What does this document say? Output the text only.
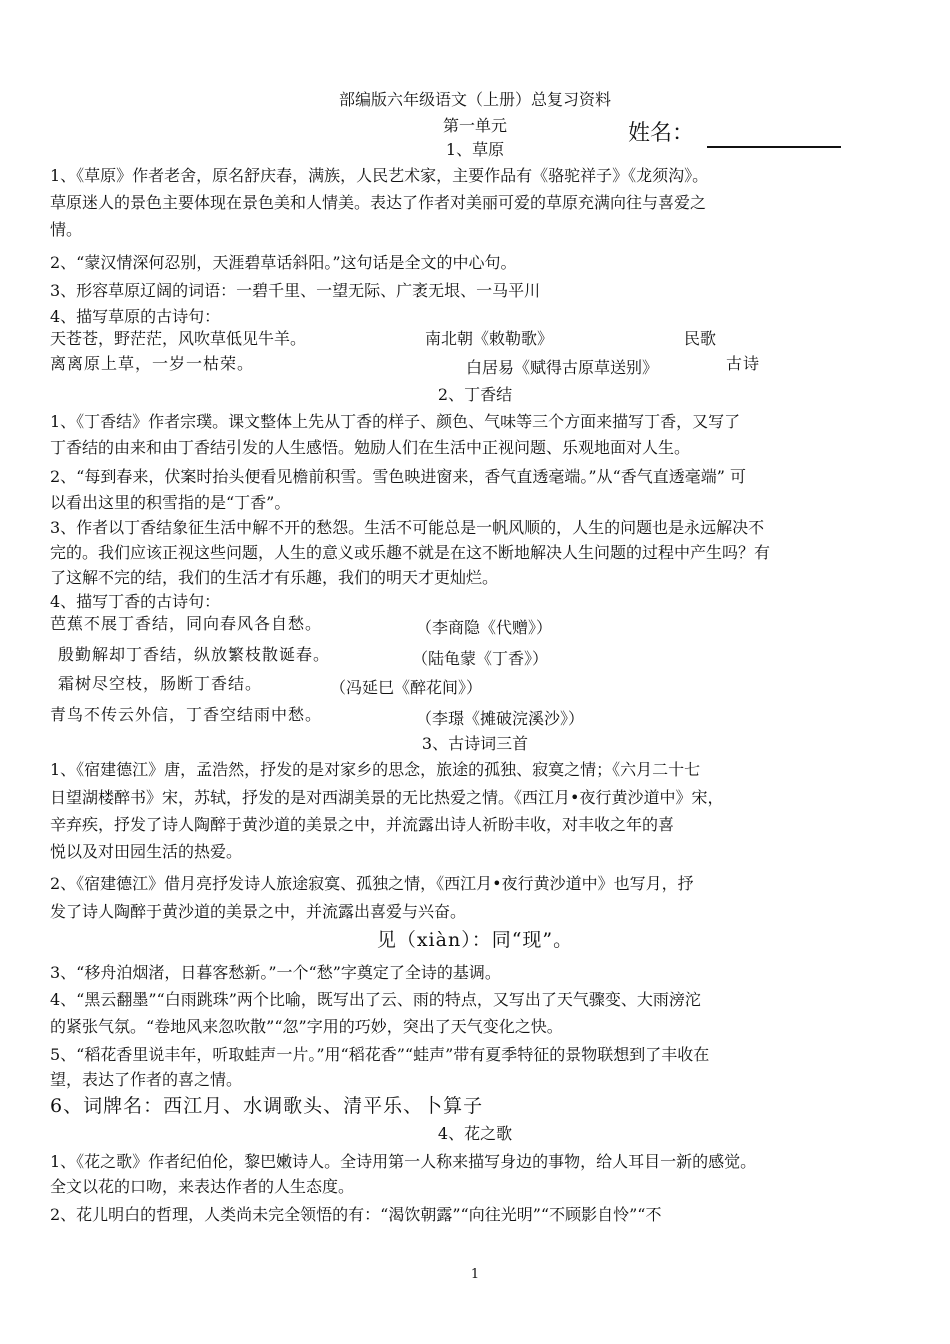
部编版六年级语文（上册）总复习资料
第一单元	姓名：
1、草原
1、《草原》作者老舍，原名舒庆春，满族，人民艺术家，主要作品有《骆驼祥子》《龙须沟》。
草原迷人的景色主要体现在景色美和人情美。表达了作者对美丽可爱的草原充满向往与喜爱之
情。
2、“蒙汉情深何忍别，天涯碧草话斜阳。”这句话是全文的中心句。
3、形容草原辽阔的词语：一碧千里、一望无际、广袤无垠、一马平川
4、描写草原的古诗句：
天苍苍，野茫茫，风吹草低见牛羊。	南北朝《敕勒歌》	民歌
离离原上草，一岁一枯荣。	白居易《赋得古原草送别》	古诗
2、丁香结
1、《丁香结》作者宗璞。课文整体上先从丁香的样子、颜色、气味等三个方面来描写丁香，又写了
丁香结的由来和由丁香结引发的人生感悟。勉励人们在生活中正视问题、乐观地面对人生。
2、“每到春来，伏案时抬头便看见檐前积雪。雪色映进窗来，香气直透毫端。”从“香气直透毫端” 可
以看出这里的积雪指的是“丁香”。
3、作者以丁香结象征生活中解不开的愁怨。生活不可能总是一帆风顺的，人生的问题也是永远解决不
完的。我们应该正视这些问题，人生的意义或乐趣不就是在这不断地解决人生问题的过程中产生吗？有
了这解不完的结，我们的生活才有乐趣，我们的明天才更灿烂。
4、描写丁香的古诗句：
芭蕉不展丁香结，同向春风各自愁。	（李商隐《代赠》）
殷勤解却丁香结，纵放繁枝散诞春。	（陆龟蒙《丁香》）
霜树尽空枝，肠断丁香结。	（冯延巳《醉花间》）
青鸟不传云外信，丁香空结雨中愁。	（李璟《摊破浣溪沙》）
3、古诗词三首
1、《宿建德江》唐，孟浩然，抒发的是对家乡的思念，旅途的孤独、寂寞之情；《六月二十七
日望湖楼醉书》宋，苏轼，抒发的是对西湖美景的无比热爱之情。《西江月•夜行黄沙道中》宋，
辛弃疾，抒发了诗人陶醉于黄沙道的美景之中，并流露出诗人祈盼丰收，对丰收之年的喜
悦以及对田园生活的热爱。
2、《宿建德江》借月亮抒发诗人旅途寂寞、孤独之情，《西江月•夜行黄沙道中》也写月，抒
发了诗人陶醉于黄沙道的美景之中，并流露出喜爱与兴奋。
见（xiàn）：同“现”。
3、“移舟泊烟渚，日暮客愁新。”一个“愁”字奠定了全诗的基调。
4、“黑云翻墨”“白雨跳珠”两个比喻，既写出了云、雨的特点，又写出了天气骤变、大雨滂沱
的紧张气氛。“卷地风来忽吹散”“忽”字用的巧妙，突出了天气变化之快。
5、“稻花香里说丰年，听取蛙声一片。”用“稻花香”“蛙声”带有夏季特征的景物联想到了丰收在
望，表达了作者的喜之情。
6、词牌名：西江月、水调歌头、清平乐、卜算子
4、花之歌
1、《花之歌》作者纪伯伦，黎巴嫩诗人。全诗用第一人称来描写身边的事物，给人耳目一新的感觉。
全文以花的口吻，来表达作者的人生态度。
2、花儿明白的哲理，人类尚未完全领悟的有：“渴饮朝露”“向往光明”“不顾影自怜”“不
1
